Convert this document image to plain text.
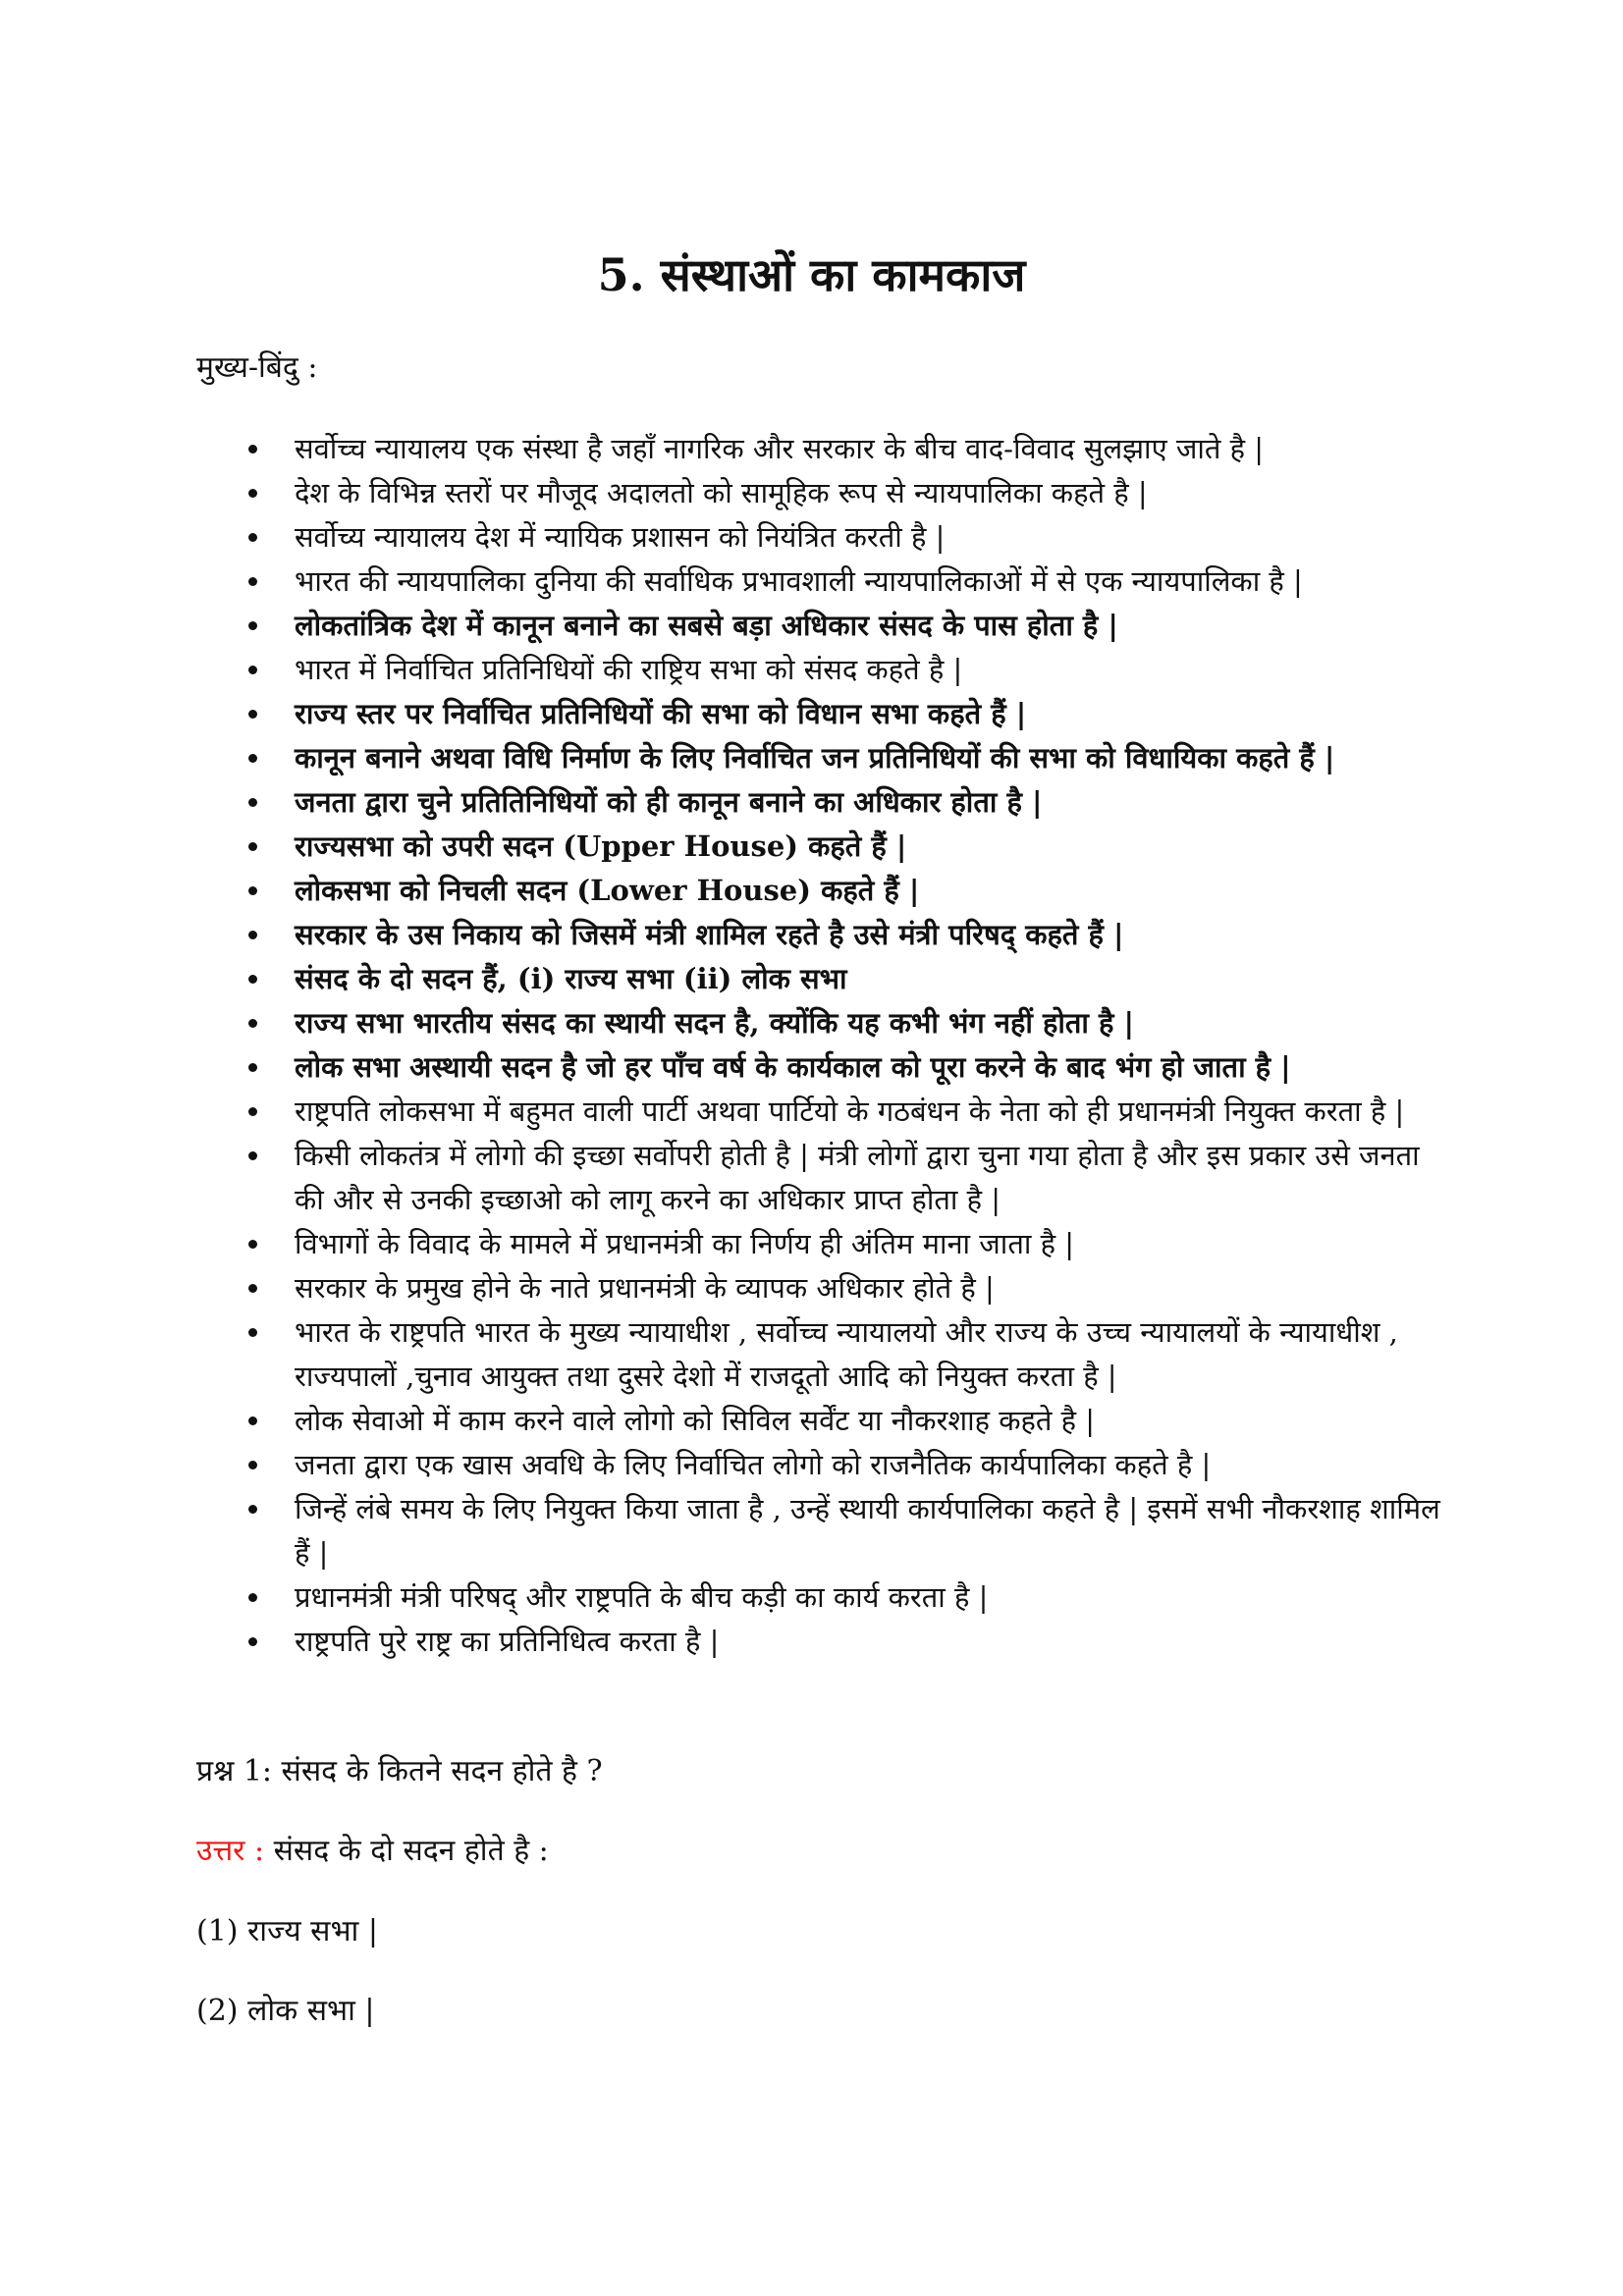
5. संस्थाओं का कामकाज
मुख्य-बिंदु :
सर्वोच्च न्यायालय एक संस्था है जहाँ नागरिक और सरकार के बीच वाद-विवाद सुलझाए जाते है |
देश के विभिन्न स्तरों पर मौजूद अदालतो को सामूहिक रूप से न्यायपालिका कहते है |
सर्वोच्य न्यायालय देश में न्यायिक प्रशासन को नियंत्रित करती है |
भारत की न्यायपालिका दुनिया की सर्वाधिक प्रभावशाली न्यायपालिकाओं में से एक न्यायपालिका है |
लोकतांत्रिक देश में कानून बनाने का सबसे बड़ा अधिकार संसद के पास होता है |
भारत में निर्वाचित प्रतिनिधियों की राष्ट्रिय सभा को संसद कहते है |
राज्य स्तर पर निर्वाचित प्रतिनिधियों की सभा को विधान सभा कहते हैं |
कानून बनाने अथवा विधि निर्माण के लिए निर्वाचित जन प्रतिनिधियों की सभा को विधायिका कहते हैं |
जनता द्वारा चुने प्रतितिनिधियों को ही कानून बनाने का अधिकार होता है |
राज्यसभा को उपरी सदन (Upper House) कहते हैं |
लोकसभा को निचली सदन (Lower House) कहते हैं |
सरकार के उस निकाय को जिसमें मंत्री शामिल रहते है उसे मंत्री परिषद् कहते हैं |
संसद के दो सदन हैं, (i) राज्य सभा (ii) लोक सभा
राज्य सभा भारतीय संसद का स्थायी सदन है, क्योंकि यह कभी भंग नहीं होता है |
लोक सभा अस्थायी सदन है जो हर पाँच वर्ष के कार्यकाल को पूरा करने के बाद भंग हो जाता है |
राष्ट्रपति लोकसभा में बहुमत वाली पार्टी अथवा पार्टियो के गठबंधन के नेता को ही प्रधानमंत्री नियुक्त करता है |
किसी लोकतंत्र में लोगो की इच्छा सर्वोपरी होती है | मंत्री लोगों द्वारा चुना गया होता है और इस प्रकार उसे जनता की और से उनकी इच्छाओ को लागू करने का अधिकार प्राप्त होता है |
विभागों के विवाद के मामले में प्रधानमंत्री का निर्णय ही अंतिम माना जाता है |
सरकार के प्रमुख होने के नाते प्रधानमंत्री के व्यापक अधिकार होते है |
भारत के राष्ट्रपति भारत के मुख्य न्यायाधीश , सर्वोच्च न्यायालयो और राज्य के उच्च न्यायालयों के न्यायाधीश , राज्यपालों ,चुनाव आयुक्त तथा दुसरे देशो में राजदूतो आदि को नियुक्त करता है |
लोक सेवाओ में काम करने वाले लोगो को सिविल सर्वेंट या नौकरशाह कहते है |
जनता द्वारा एक खास अवधि के लिए निर्वाचित लोगो को राजनैतिक कार्यपालिका कहते है |
जिन्हें लंबे समय के लिए नियुक्त किया जाता है , उन्हें स्थायी कार्यपालिका कहते है | इसमें सभी नौकरशाह शामिल हैं |
प्रधानमंत्री मंत्री परिषद् और राष्ट्रपति के बीच कड़ी का कार्य करता है |
राष्ट्रपति पुरे राष्ट्र का प्रतिनिधित्व करता है |
प्रश्न 1: संसद के कितने सदन होते है ?
उत्तर : संसद के दो सदन होते है :
(1) राज्य सभा |
(2) लोक सभा |
